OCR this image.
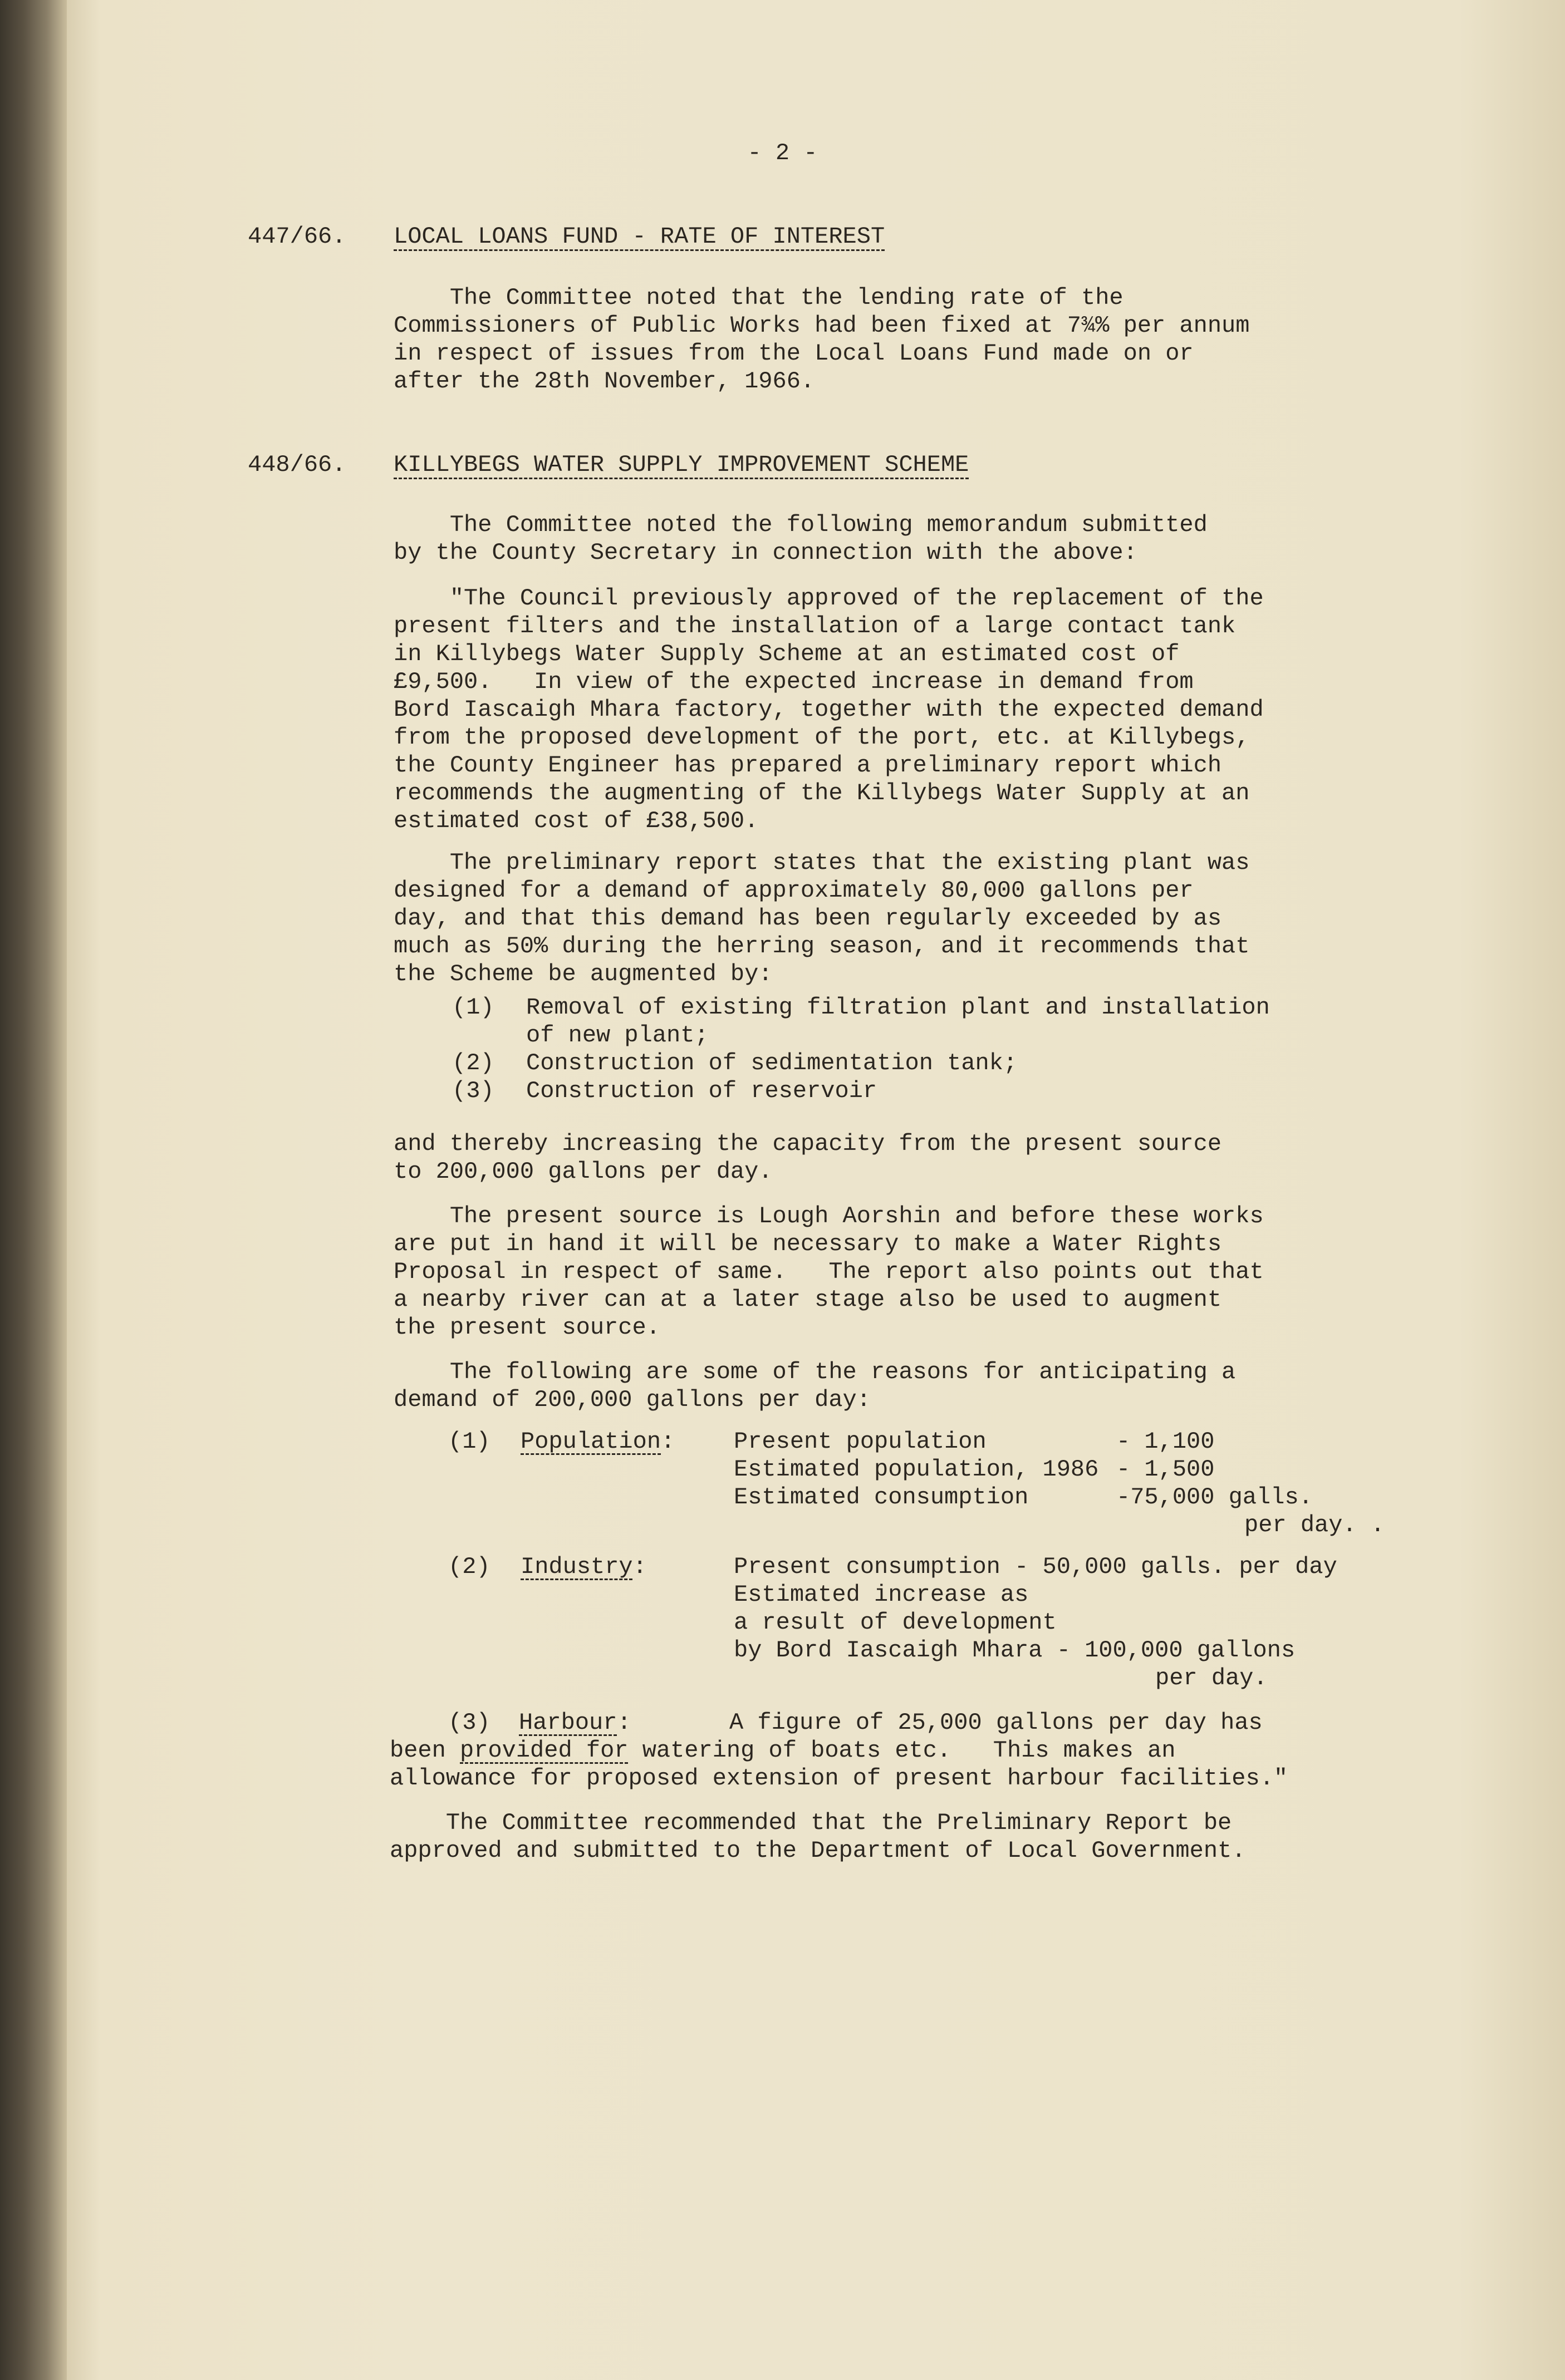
- 2 -
447/66. LOCAL LOANS FUND - RATE OF INTEREST
The Committee noted that the lending rate of the
Commissioners of Public Works had been fixed at 7¾% per annum
in respect of issues from the Local Loans Fund made on or
after the 28th November, 1966.
448/66. KILLYBEGS WATER SUPPLY IMPROVEMENT SCHEME
The Committee noted the following memorandum submitted
by the County Secretary in connection with the above:
"The Council previously approved of the replacement of the
present filters and the installation of a large contact tank
in Killybegs Water Supply Scheme at an estimated cost of
£9,500.   In view of the expected increase in demand from
Bord Iascaigh Mhara factory, together with the expected demand
from the proposed development of the port, etc. at Killybegs,
the County Engineer has prepared a preliminary report which
recommends the augmenting of the Killybegs Water Supply at an
estimated cost of £38,500.
The preliminary report states that the existing plant was
designed for a demand of approximately 80,000 gallons per
day, and that this demand has been regularly exceeded by as
much as 50% during the herring season, and it recommends that
the Scheme be augmented by:
(1) Removal of existing filtration plant and installation
of new plant;
(2) Construction of sedimentation tank;
(3) Construction of reservoir
and thereby increasing the capacity from the present source
to 200,000 gallons per day.
The present source is Lough Aorshin and before these works
are put in hand it will be necessary to make a Water Rights
Proposal in respect of same.   The report also points out that
a nearby river can at a later stage also be used to augment
the present source.
The following are some of the reasons for anticipating a
demand of 200,000 gallons per day:
(1) Population:	Present population	- 1,100
Estimated population, 1986 - 1,500
Estimated consumption	-75,000 galls.
per day. .
(2) Industry:	Present consumption - 50,000 galls. per day
Estimated increase as
a result of development
by Bord Iascaigh Mhara - 100,000 gallons
per day.
(3) Harbour:	A figure of 25,000 gallons per day has
been provided for watering of boats etc.   This makes an
allowance for proposed extension of present harbour facilities."
The Committee recommended that the Preliminary Report be
approved and submitted to the Department of Local Government.
